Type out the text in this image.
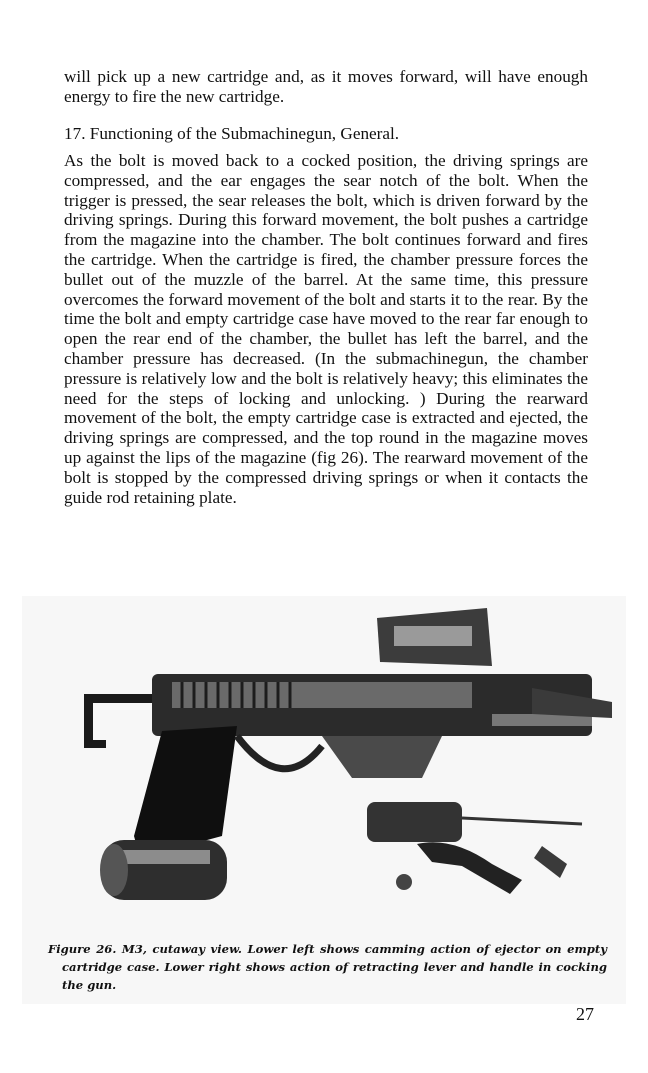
will pick up a new cartridge and, as it moves forward, will have enough energy to fire the new cartridge.
17. Functioning of the Submachinegun, General.
As the bolt is moved back to a cocked position, the driving springs are compressed, and the ear engages the sear notch of the bolt. When the trigger is pressed, the sear releases the bolt, which is driven forward by the driving springs. During this forward movement, the bolt pushes a cartridge from the magazine into the chamber. The bolt continues forward and fires the cartridge. When the cartridge is fired, the chamber pressure forces the bullet out of the muzzle of the barrel. At the same time, this pressure overcomes the forward movement of the bolt and starts it to the rear. By the time the bolt and empty cartridge case have moved to the rear far enough to open the rear end of the chamber, the bullet has left the barrel, and the chamber pressure has decreased. (In the submachinegun, the chamber pressure is relatively low and the bolt is relatively heavy; this eliminates the need for the steps of locking and unlocking. ) During the rearward movement of the bolt, the empty cartridge case is extracted and ejected, the driving springs are compressed, and the top round in the magazine moves up against the lips of the magazine (fig 26). The rearward movement of the bolt is stopped by the compressed driving springs or when it contacts the guide rod retaining plate.
Figure 26. M3, cutaway view. Lower left shows camming action of ejector on empty cartridge case. Lower right shows action of retracting lever and handle in cocking the gun.
27
